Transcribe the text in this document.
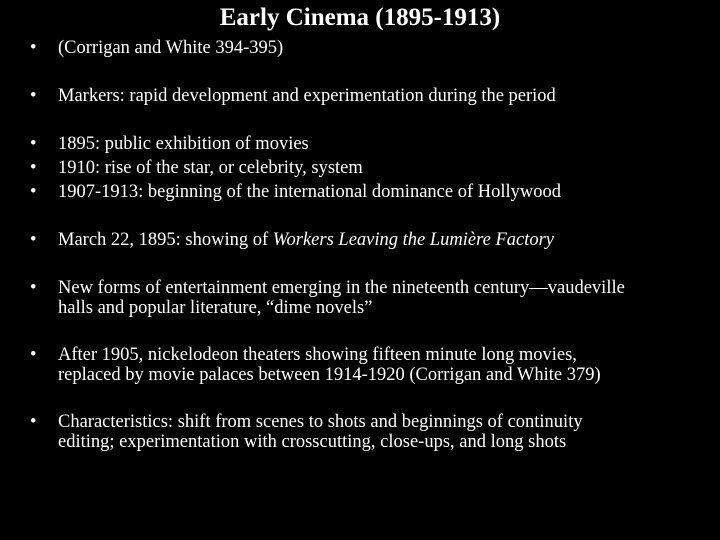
Early Cinema (1895-1913)
•	(Corrigan and White 394-395)
•	Markers: rapid development and experimentation during the period
•	1895: public exhibition of movies
•	1910: rise of the star, or celebrity, system
•	1907-1913: beginning of the international dominance of Hollywood
•	March 22, 1895: showing of Workers Leaving the Lumière Factory
•	New forms of entertainment emerging in the nineteenth century—vaudeville
halls and popular literature, “dime novels”
•	After 1905, nickelodeon theaters showing fifteen minute long movies,
replaced by movie palaces between 1914-1920 (Corrigan and White 379)
•	Characteristics: shift from scenes to shots and beginnings of continuity
editing; experimentation with crosscutting, close-ups, and long shots
